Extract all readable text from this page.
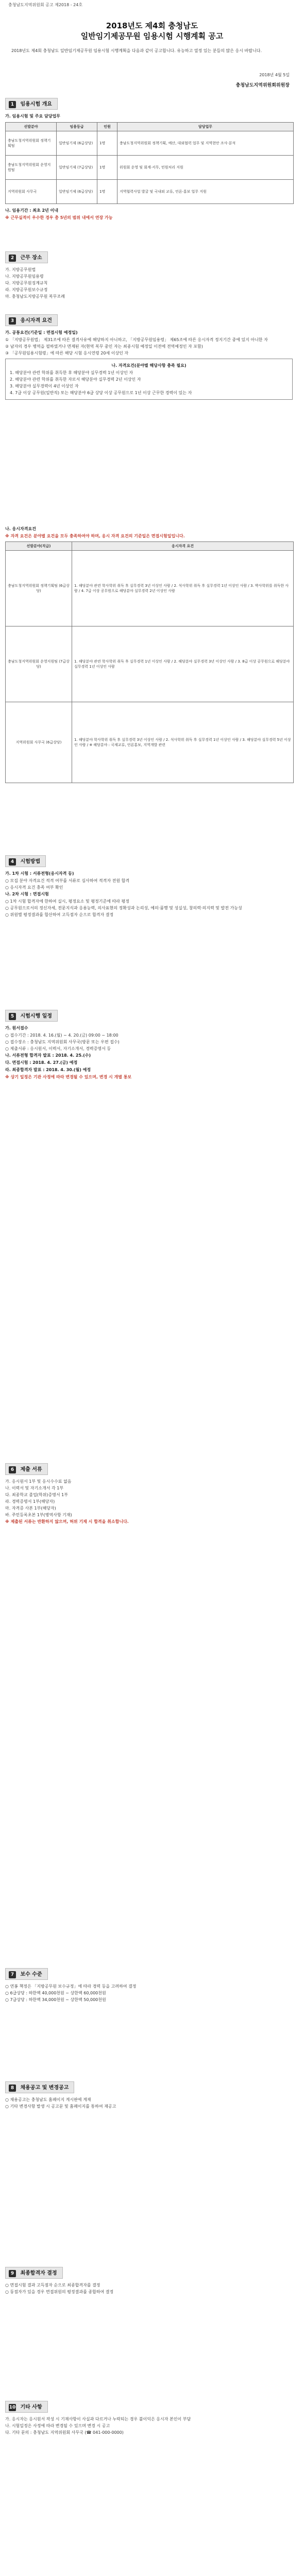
충청남도지역위원회 공고 제2018 - 24호
2018년도 제4회 충청남도
일반임기제공무원 임용시험 시행계획 공고
2018년도 제4회 충청남도 일반임기제공무원 임용시험 시행계획을 다음과 같이 공고합니다. 유능하고 열정 있는 분들의 많은 응시 바랍니다.
2018년 4월 5일
충청남도지역위원회위원장
1 임용시험 개요

가. 임용시험 및 주요 담당업무

선발분야	임용등급	인원	담당업무
충남도청지역위원회 정책기획팀	일반임기제 (6급상당)	1명	충남도청지역위원회 정책기획, 예산, 대외협력 업무 및 지역현안 조사·분석
충남도청지역위원회 운영지원팀	일반임기제 (7급상당)	1명	위원회 운영 및 회계·서무, 민원처리 지원
지역위원회 사무국	일반임기제 (6급상당)	1명	지역협력사업 발굴 및 국내외 교류, 언론·홍보 업무 지원

나. 임용기간 : 최초 2년 이내

※ 근무실적이 우수한 경우 총 5년의 범위 내에서 연장 가능

2 근무 장소

가. 지방공무원법

나. 지방공무원임용령

다. 지방공무원징계규칙

라. 지방공무원보수규정

마. 충청남도지방공무원 복무조례

3 응시자격 요건

가. 공통요건(기준일 : 면접시험 예정일)

① 「지방공무원법」 제31조에 따른 결격사유에 해당하지 아니하고, 「지방공무원임용령」 제65조에 따른 응시자격 정지기간 중에 있지 아니한 자

② 남자의 경우 병역을 필하였거나 면제된 자(현역 복무 중인 자는 최종시험 예정일 이전에 전역예정인 자 포함)

③ 「공무원임용시험령」에 따른 해당 시험 응시연령 20세 이상인 자

나. 자격요건(분야별 해당사항 충족 필요)

1. 해당분야 관련 학위를 취득한 후 해당분야 실무경력 1년 이상인 자

2. 해당분야 관련 학위를 취득한 자로서 해당분야 실무경력 2년 이상인 자

3. 해당분야 실무경력이 4년 이상인 자

4. 7급 이상 공무원(일반직) 또는 해당분야 6급 상당 이상 공무원으로 1년 이상 근무한 경력이 있는 자

나. 응시자격요건

※ 자격 요건은 분야별 요건을 모두 충족하여야 하며, 응시 자격 요건의 기준일은 면접시험일입니다.

선발분야(직급)	응시자격 요건
충남도청지역위원회 정책기획팀 (6급상당)	1. 해당분야 관련 학사학위 취득 후 실무경력 3년 이상인 사람 / 2. 석사학위 취득 후 실무경력 1년 이상인 사람 / 3. 박사학위를 취득한 사람 / 4. 7급 이상 공무원으로 해당분야 실무경력 2년 이상인 사람
충남도청지역위원회 운영지원팀 (7급상당)	1. 해당분야 관련 학사학위 취득 후 실무경력 1년 이상인 사람 / 2. 해당분야 실무경력 3년 이상인 사람 / 3. 8급 이상 공무원으로 해당분야 실무경력 1년 이상인 사람
지역위원회 사무국 (6급상당)	1. 해당분야 학사학위 취득 후 실무경력 3년 이상인 사람 / 2. 석사학위 취득 후 실무경력 1년 이상인 사람 / 3. 해당분야 실무경력 5년 이상인 사람 / ※ 해당분야 : 국제교류, 언론홍보, 지역개발 관련
4 시험방법

가. 1차 시험 : 서류전형(응시자격 등)

○ 모집 분야 자격요건 적격 여부를 서류로 심사하여 적격자 전원 합격

○ 응시자격 요건 충족 여부 확인

나. 2차 시험 : 면접시험

○ 1차 시험 합격자에 한하여 실시, 평정요소 및 평정기준에 따라 평정

○ 공무원으로서의 정신자세, 전문지식과 응용능력, 의사표현의 정확성과 논리성, 예의·품행 및 성실성, 창의력·의지력 및 발전 가능성

○ 위원별 평정결과를 합산하여 고득점자 순으로 합격자 결정

5 시험시행 일정

가. 원서접수

○ 접수기간 : 2018. 4. 16.(월) ~ 4. 20.(금) 09:00 ~ 18:00

○ 접수장소 : 충청남도 지역위원회 사무국(방문 또는 우편 접수)

○ 제출서류 : 응시원서, 이력서, 자기소개서, 경력증명서 등

나. 서류전형 합격자 발표 : 2018. 4. 25.(수)

다. 면접시험 : 2018. 4. 27.(금) 예정

라. 최종합격자 발표 : 2018. 4. 30.(월) 예정

※ 상기 일정은 기관 사정에 따라 변경될 수 있으며, 변경 시 개별 통보

6 제출 서류

가. 응시원서 1부 및 응시수수료 없음

나. 이력서 및 자기소개서 각 1부

다. 최종학교 졸업(학위)증명서 1부

라. 경력증명서 1부(해당자)

마. 자격증 사본 1부(해당자)

바. 주민등록초본 1부(병역사항 기재)

※ 제출된 서류는 반환하지 않으며, 허위 기재 시 합격을 취소합니다.

7 보수 수준

○ 연봉 책정은 「지방공무원 보수규정」에 따라 경력 등을 고려하여 결정

○ 6급상당 : 하한액 40,000천원 ~ 상한액 60,000천원

○ 7급상당 : 하한액 34,000천원 ~ 상한액 50,000천원

8 채용공고 및 변경공고

○ 채용공고는 충청남도 홈페이지 게시판에 게재

○ 기타 변경사항 발생 시 공고문 및 홈페이지를 통하여 재공고

9 최종합격자 결정

○ 면접시험 결과 고득점자 순으로 최종합격자를 결정

○ 동점자가 있을 경우 면접위원의 평정결과를 종합하여 결정

10 기타 사항

가. 응시자는 응시원서 작성 시 기재사항이 사실과 다르거나 누락되는 경우 불이익은 응시자 본인이 부담

나. 시험일정은 사정에 따라 변경될 수 있으며 변경 시 공고

다. 기타 문의 : 충청남도 지역위원회 사무국 (☎ 041-000-0000)
